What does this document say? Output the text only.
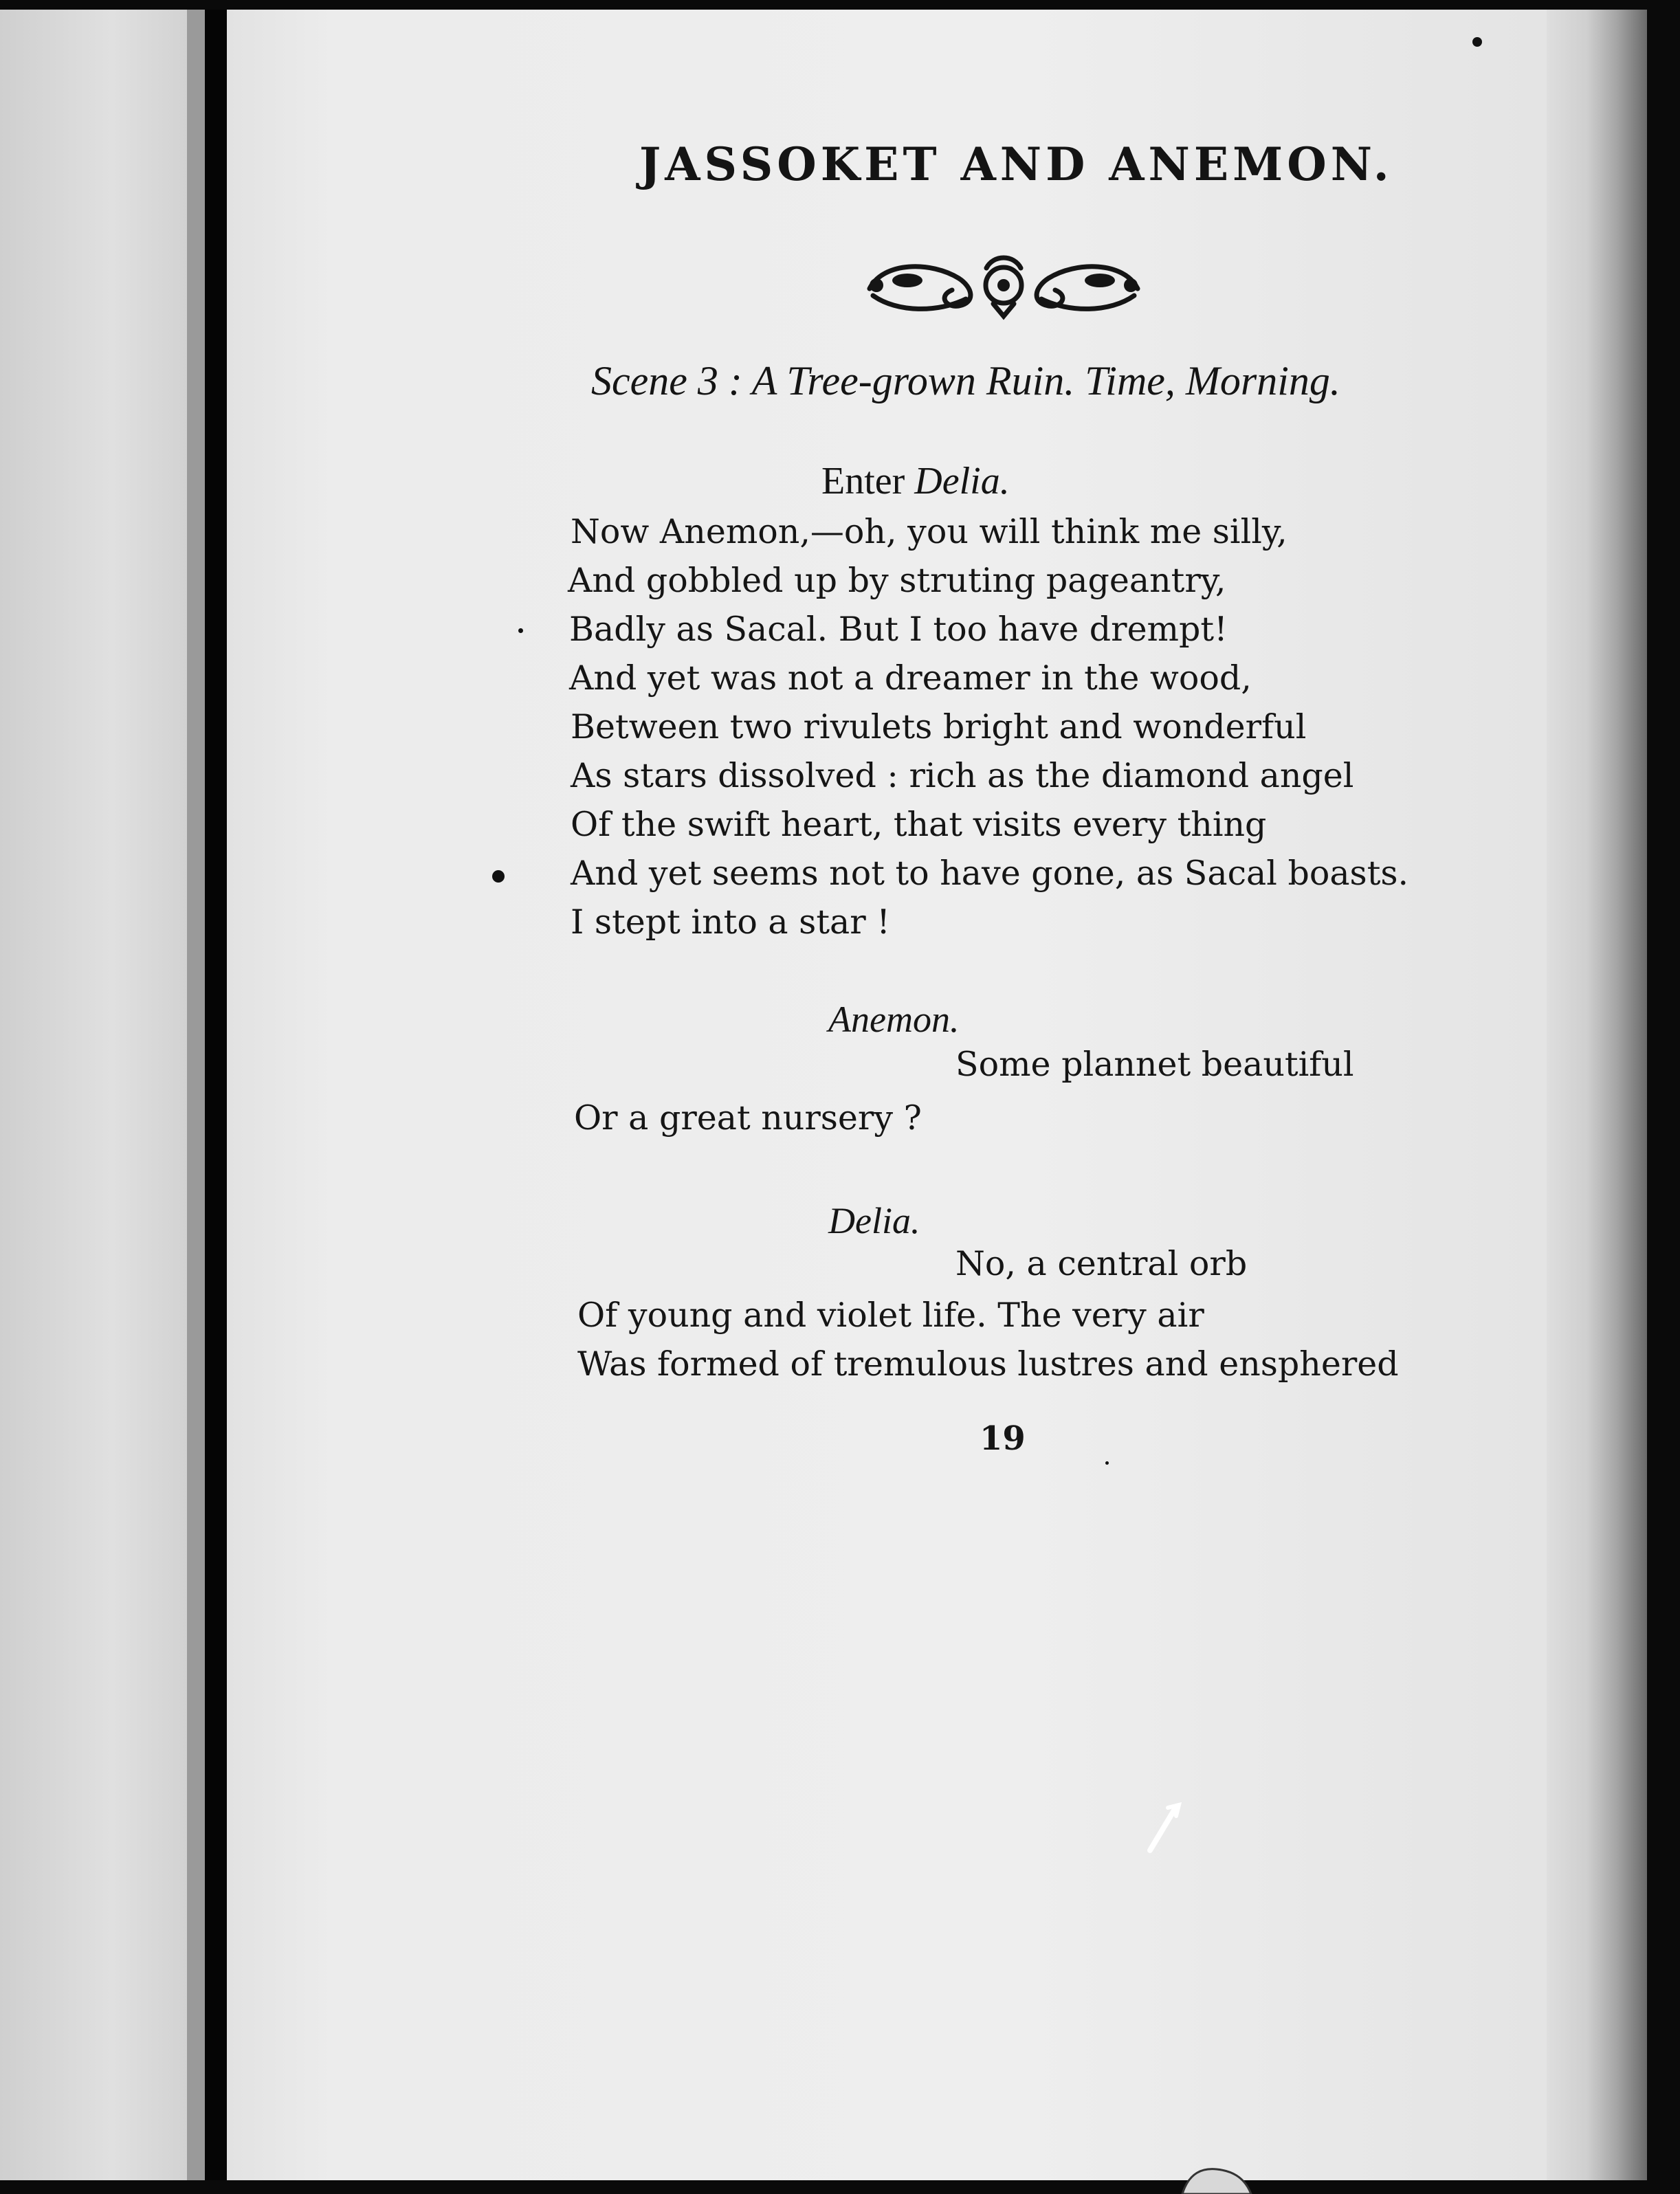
JASSOKET AND ANEMON.
Scene 3 : A Tree-grown Ruin. Time, Morning.
Enter Delia.
Now Anemon,—oh, you will think me silly,
And gobbled up by struting pageantry,
Badly as Sacal. But I too have drempt!
And yet was not a dreamer in the wood,
Between two rivulets bright and wonderful
As stars dissolved : rich as the diamond angel
Of the swift heart, that visits every thing
And yet seems not to have gone, as Sacal boasts.
I stept into a star !
Anemon.
Some plannet beautiful
Or a great nursery ?
Delia.
No, a central orb
Of young and violet life. The very air
Was formed of tremulous lustres and ensphered
19
